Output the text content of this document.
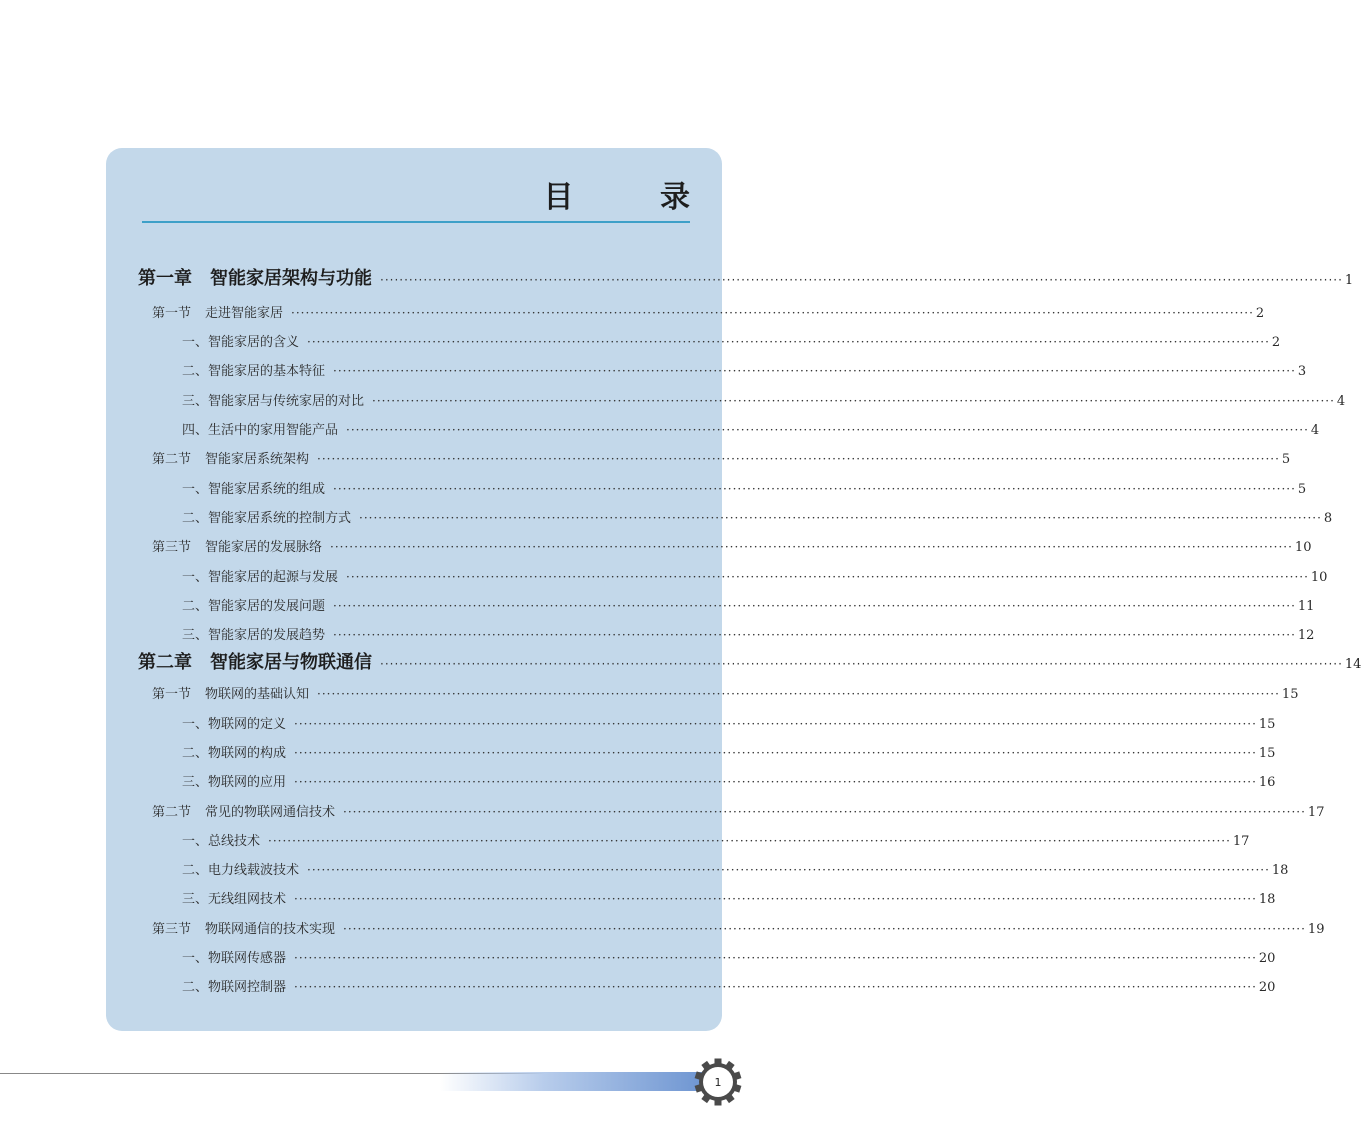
目 录
第一章 智能家居架构与功能 ········································································································································································································ 1
第一节 走进智能家居 ········································································································································································································ 2
一、智能家居的含义 ········································································································································································································ 2
二、智能家居的基本特征 ········································································································································································································ 3
三、智能家居与传统家居的对比 ········································································································································································································ 4
四、生活中的家用智能产品 ········································································································································································································ 4
第二节 智能家居系统架构 ········································································································································································································ 5
一、智能家居系统的组成 ········································································································································································································ 5
二、智能家居系统的控制方式 ········································································································································································································ 8
第三节 智能家居的发展脉络 ········································································································································································································ 10
一、智能家居的起源与发展 ········································································································································································································ 10
二、智能家居的发展问题 ········································································································································································································ 11
三、智能家居的发展趋势 ········································································································································································································ 12
第二章 智能家居与物联通信 ········································································································································································································ 14
第一节 物联网的基础认知 ········································································································································································································ 15
一、物联网的定义 ········································································································································································································ 15
二、物联网的构成 ········································································································································································································ 15
三、物联网的应用 ········································································································································································································ 16
第二节 常见的物联网通信技术 ········································································································································································································ 17
一、总线技术 ········································································································································································································ 17
二、电力线载波技术 ········································································································································································································ 18
三、无线组网技术 ········································································································································································································ 18
第三节 物联网通信的技术实现 ········································································································································································································ 19
一、物联网传感器 ········································································································································································································ 20
二、物联网控制器 ········································································································································································································ 20
1
